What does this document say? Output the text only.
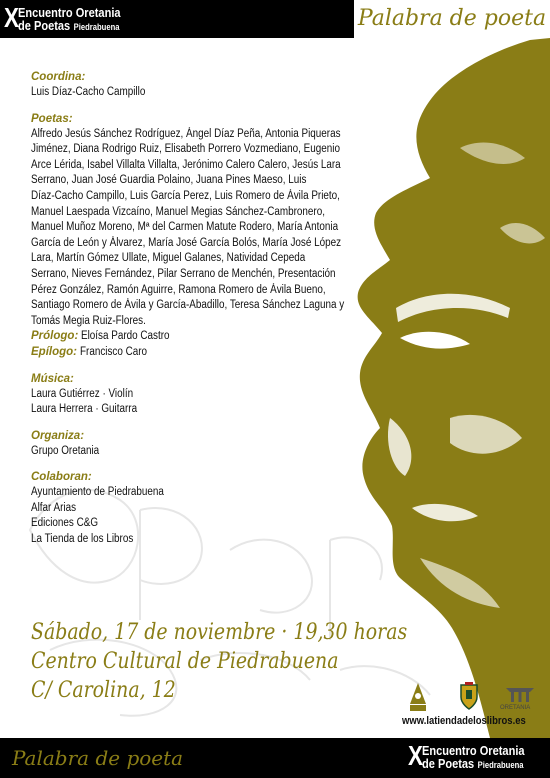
X Encuentro Oretania
de Poetas Piedrabuena	Palabra de poeta
Coordina:
Luis Díaz-Cacho Campillo
Poetas:
Alfredo Jesús Sánchez Rodríguez, Ángel Díaz Peña, Antonia Piqueras
Jiménez, Diana Rodrigo Ruiz, Elisabeth Porrero Vozmediano, Eugenio
Arce Lérida, Isabel Villalta Villalta, Jerónimo Calero Calero, Jesús Lara
Serrano, Juan José Guardia Polaino, Juana Pines Maeso, Luis
Díaz-Cacho Campillo, Luis García Perez, Luis Romero de Ávila Prieto,
Manuel Laespada Vizcaíno, Manuel Megias Sánchez-Cambronero,
Manuel Muñoz Moreno, Mª del Carmen Matute Rodero, María Antonia
García de León y Álvarez, María José García Bolós, María José López
Lara, Martín Gómez Ullate, Miguel Galanes, Natividad Cepeda
Serrano, Nieves Fernández, Pilar Serrano de Menchén, Presentación
Pérez González, Ramón Aguirre, Ramona Romero de Ávila Bueno,
Santiago Romero de Ávila y García-Abadillo, Teresa Sánchez Laguna y
Tomás Megia Ruiz-Flores.
Prólogo: Eloísa Pardo Castro
Epílogo: Francisco Caro
Música:
Laura Gutiérrez · Violín
Laura Herrera · Guitarra
Organiza:
Grupo Oretania
Colaboran:
Ayuntamiento de Piedrabuena
Alfar Arias
Ediciones C&G
La Tienda de los Libros
Sábado, 17 de noviembre · 19,30 horas
Centro Cultural de Piedrabuena
C/ Carolina, 12
ORETANIA
www.latiendadeloslibros.es
Palabra de poeta	X Encuentro Oretania
de Poetas Piedrabuena
